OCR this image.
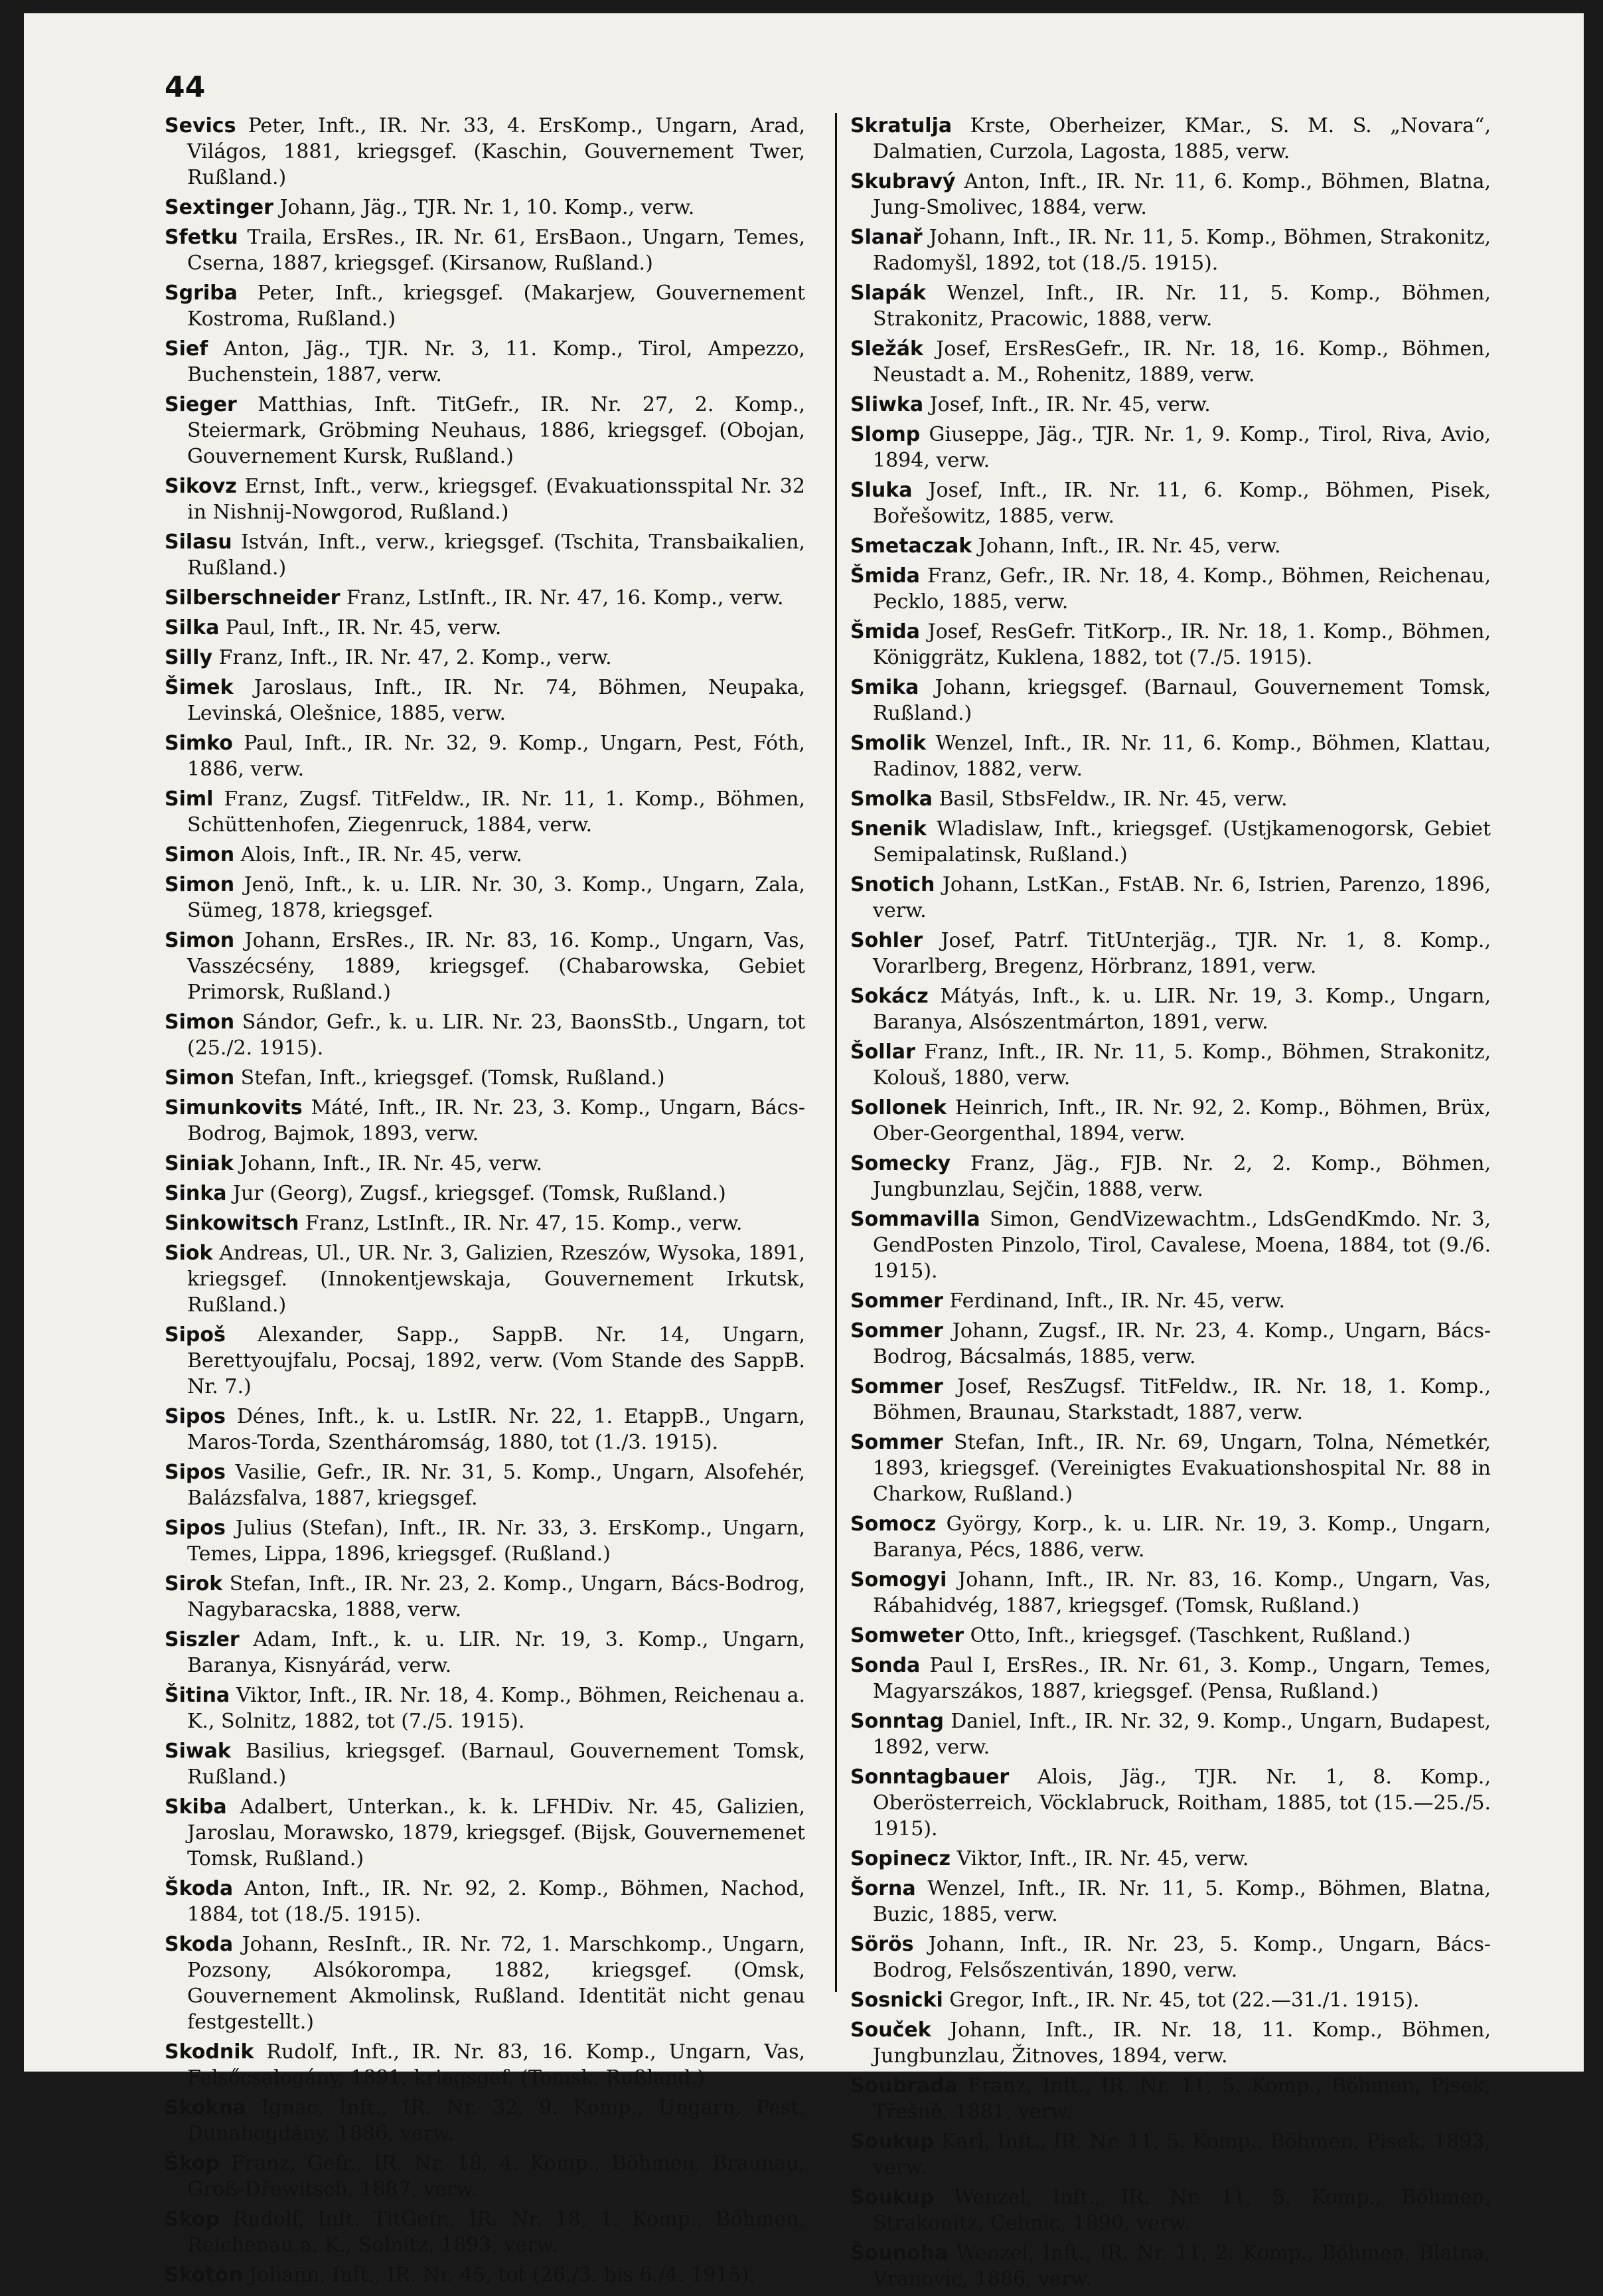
44

Sevics Peter, Inft., IR. Nr. 33, 4. ErsKomp., Ungarn, Arad, Világos, 1881, kriegsgef. (Kaschin, Gouvernement Twer, Rußland.)

Sextinger Johann, Jäg., TJR. Nr. 1, 10. Komp., verw.

Sfetku Traila, ErsRes., IR. Nr. 61, ErsBaon., Ungarn, Temes, Cserna, 1887, kriegsgef. (Kirsanow, Rußland.)

Sgriba Peter, Inft., kriegsgef. (Makarjew, Gouvernement Kostroma, Rußland.)

Sief Anton, Jäg., TJR. Nr. 3, 11. Komp., Tirol, Ampezzo, Buchenstein, 1887, verw.

Sieger Matthias, Inft. TitGefr., IR. Nr. 27, 2. Komp., Steiermark, Gröbming Neuhaus, 1886, kriegsgef. (Obojan, Gouvernement Kursk, Rußland.)

Sikovz Ernst, Inft., verw., kriegsgef. (Evakuationsspital Nr. 32 in Nishnij-Nowgorod, Rußland.)

Silasu István, Inft., verw., kriegsgef. (Tschita, Transbaikalien, Rußland.)

Silberschneider Franz, LstInft., IR. Nr. 47, 16. Komp., verw.

Silka Paul, Inft., IR. Nr. 45, verw.

Silly Franz, Inft., IR. Nr. 47, 2. Komp., verw.

Šimek Jaroslaus, Inft., IR. Nr. 74, Böhmen, Neupaka, Levinská, Olešnice, 1885, verw.

Simko Paul, Inft., IR. Nr. 32, 9. Komp., Ungarn, Pest, Fóth, 1886, verw.

Siml Franz, Zugsf. TitFeldw., IR. Nr. 11, 1. Komp., Böhmen, Schüttenhofen, Ziegenruck, 1884, verw.

Simon Alois, Inft., IR. Nr. 45, verw.

Simon Jenö, Inft., k. u. LIR. Nr. 30, 3. Komp., Ungarn, Zala, Sümeg, 1878, kriegsgef.

Simon Johann, ErsRes., IR. Nr. 83, 16. Komp., Ungarn, Vas, Vasszécsény, 1889, kriegsgef. (Chabarowska, Gebiet Primorsk, Rußland.)

Simon Sándor, Gefr., k. u. LIR. Nr. 23, BaonsStb., Ungarn, tot (25./2. 1915).

Simon Stefan, Inft., kriegsgef. (Tomsk, Rußland.)

Simunkovits Máté, Inft., IR. Nr. 23, 3. Komp., Ungarn, Bács-Bodrog, Bajmok, 1893, verw.

Siniak Johann, Inft., IR. Nr. 45, verw.

Sinka Jur (Georg), Zugsf., kriegsgef. (Tomsk, Rußland.)

Sinkowitsch Franz, LstInft., IR. Nr. 47, 15. Komp., verw.

Siok Andreas, Ul., UR. Nr. 3, Galizien, Rzeszów, Wysoka, 1891, kriegsgef. (Innokentjewskaja, Gouvernement Irkutsk, Rußland.)

Sipoš Alexander, Sapp., SappB. Nr. 14, Ungarn, Berettyoujfalu, Pocsaj, 1892, verw. (Vom Stande des SappB. Nr. 7.)

Sipos Dénes, Inft., k. u. LstIR. Nr. 22, 1. EtappB., Ungarn, Maros-Torda, Szentháromság, 1880, tot (1./3. 1915).

Sipos Vasilie, Gefr., IR. Nr. 31, 5. Komp., Ungarn, Alsofehér, Balázsfalva, 1887, kriegsgef.

Sipos Julius (Stefan), Inft., IR. Nr. 33, 3. ErsKomp., Ungarn, Temes, Lippa, 1896, kriegsgef. (Rußland.)

Sirok Stefan, Inft., IR. Nr. 23, 2. Komp., Ungarn, Bács-Bodrog, Nagybaracska, 1888, verw.

Siszler Adam, Inft., k. u. LIR. Nr. 19, 3. Komp., Ungarn, Baranya, Kisnyárád, verw.

Šitina Viktor, Inft., IR. Nr. 18, 4. Komp., Böhmen, Reichenau a. K., Solnitz, 1882, tot (7./5. 1915).

Siwak Basilius, kriegsgef. (Barnaul, Gouvernement Tomsk, Rußland.)

Skiba Adalbert, Unterkan., k. k. LFHDiv. Nr. 45, Galizien, Jaroslau, Morawsko, 1879, kriegsgef. (Bijsk, Gouvernemenet Tomsk, Rußland.)

Škoda Anton, Inft., IR. Nr. 92, 2. Komp., Böhmen, Nachod, 1884, tot (18./5. 1915).

Skoda Johann, ResInft., IR. Nr. 72, 1. Marschkomp., Ungarn, Pozsony, Alsókorompa, 1882, kriegsgef. (Omsk, Gouvernement Akmolinsk, Rußland. Identität nicht genau festgestellt.)

Skodnik Rudolf, Inft., IR. Nr. 83, 16. Komp., Ungarn, Vas, Felsőcsalogány, 1891, kriegsgef. (Tomsk, Rußland.)

Skokna Ignac, Inft., IR. Nr. 32, 9. Komp., Ungarn, Pest, Dunabogdány, 1886, verw.

Škop Franz, Gefr., IR. Nr. 18, 4. Komp., Böhmen, Braunau, Groß-Dřewitsch, 1887, verw.

Skop Rudolf, Inft. TitGefr., IR. Nr. 18, 1. Komp., Böhmen, Reichenau a. K., Solnitz, 1893, verw.

Skoton Johann, Inft., IR. Nr. 45, tot (26./3. bis 6./4. 1915).

Skratulja Krste, Oberheizer, KMar., S. M. S. „Novara“, Dalmatien, Curzola, Lagosta, 1885, verw.

Skubravý Anton, Inft., IR. Nr. 11, 6. Komp., Böhmen, Blatna, Jung-Smolivec, 1884, verw.

Slanař Johann, Inft., IR. Nr. 11, 5. Komp., Böhmen, Strakonitz, Radomyšl, 1892, tot (18./5. 1915).

Slapák Wenzel, Inft., IR. Nr. 11, 5. Komp., Böhmen, Strakonitz, Pracowic, 1888, verw.

Sležák Josef, ErsResGefr., IR. Nr. 18, 16. Komp., Böhmen, Neustadt a. M., Rohenitz, 1889, verw.

Sliwka Josef, Inft., IR. Nr. 45, verw.

Slomp Giuseppe, Jäg., TJR. Nr. 1, 9. Komp., Tirol, Riva, Avio, 1894, verw.

Sluka Josef, Inft., IR. Nr. 11, 6. Komp., Böhmen, Pisek, Bořešowitz, 1885, verw.

Smetaczak Johann, Inft., IR. Nr. 45, verw.

Šmida Franz, Gefr., IR. Nr. 18, 4. Komp., Böhmen, Reichenau, Pecklo, 1885, verw.

Šmida Josef, ResGefr. TitKorp., IR. Nr. 18, 1. Komp., Böhmen, Königgrätz, Kuklena, 1882, tot (7./5. 1915).

Smika Johann, kriegsgef. (Barnaul, Gouvernement Tomsk, Rußland.)

Smolik Wenzel, Inft., IR. Nr. 11, 6. Komp., Böhmen, Klattau, Radinov, 1882, verw.

Smolka Basil, StbsFeldw., IR. Nr. 45, verw.

Snenik Wladislaw, Inft., kriegsgef. (Ustjkamenogorsk, Gebiet Semipalatinsk, Rußland.)

Snotich Johann, LstKan., FstAB. Nr. 6, Istrien, Parenzo, 1896, verw.

Sohler Josef, Patrf. TitUnterjäg., TJR. Nr. 1, 8. Komp., Vorarlberg, Bregenz, Hörbranz, 1891, verw.

Sokácz Mátyás, Inft., k. u. LIR. Nr. 19, 3. Komp., Ungarn, Baranya, Alsószentmárton, 1891, verw.

Šollar Franz, Inft., IR. Nr. 11, 5. Komp., Böhmen, Strakonitz, Kolouš, 1880, verw.

Sollonek Heinrich, Inft., IR. Nr. 92, 2. Komp., Böhmen, Brüx, Ober-Georgenthal, 1894, verw.

Somecky Franz, Jäg., FJB. Nr. 2, 2. Komp., Böhmen, Jungbunzlau, Sejčin, 1888, verw.

Sommavilla Simon, GendVizewachtm., LdsGendKmdo. Nr. 3, GendPosten Pinzolo, Tirol, Cavalese, Moena, 1884, tot (9./6. 1915).

Sommer Ferdinand, Inft., IR. Nr. 45, verw.

Sommer Johann, Zugsf., IR. Nr. 23, 4. Komp., Ungarn, Bács-Bodrog, Bácsalmás, 1885, verw.

Sommer Josef, ResZugsf. TitFeldw., IR. Nr. 18, 1. Komp., Böhmen, Braunau, Starkstadt, 1887, verw.

Sommer Stefan, Inft., IR. Nr. 69, Ungarn, Tolna, Németkér, 1893, kriegsgef. (Vereinigtes Evakuationshospital Nr. 88 in Charkow, Rußland.)

Somocz György, Korp., k. u. LIR. Nr. 19, 3. Komp., Ungarn, Baranya, Pécs, 1886, verw.

Somogyi Johann, Inft., IR. Nr. 83, 16. Komp., Ungarn, Vas, Rábahidvég, 1887, kriegsgef. (Tomsk, Rußland.)

Somweter Otto, Inft., kriegsgef. (Taschkent, Rußland.)

Sonda Paul I, ErsRes., IR. Nr. 61, 3. Komp., Ungarn, Temes, Magyarszákos, 1887, kriegsgef. (Pensa, Rußland.)

Sonntag Daniel, Inft., IR. Nr. 32, 9. Komp., Ungarn, Budapest, 1892, verw.

Sonntagbauer Alois, Jäg., TJR. Nr. 1, 8. Komp., Oberösterreich, Vöcklabruck, Roitham, 1885, tot (15.—25./5. 1915).

Sopinecz Viktor, Inft., IR. Nr. 45, verw.

Šorna Wenzel, Inft., IR. Nr. 11, 5. Komp., Böhmen, Blatna, Buzic, 1885, verw.

Sörös Johann, Inft., IR. Nr. 23, 5. Komp., Ungarn, Bács-Bodrog, Felsőszentiván, 1890, verw.

Sosnicki Gregor, Inft., IR. Nr. 45, tot (22.—31./1. 1915).

Souček Johann, Inft., IR. Nr. 18, 11. Komp., Böhmen, Jungbunzlau, Žitnoves, 1894, verw.

Soubrada Franz, Inft., IR. Nr. 11, 5. Komp., Böhmen, Pisek, Třešně, 1881, verw.

Soukup Karl, Inft., IR. Nr. 11, 5. Komp., Böhmen, Pisek, 1893, verw.

Soukup Wenzel, Inft., IR. Nr. 11, 5. Komp., Böhmen, Strakonitz, Cehnic, 1890, verw.

Šounoha Wenzel, Inft., IR. Nr. 11, 2. Komp., Böhmen, Blatna, Vranovic, 1886, verw.
